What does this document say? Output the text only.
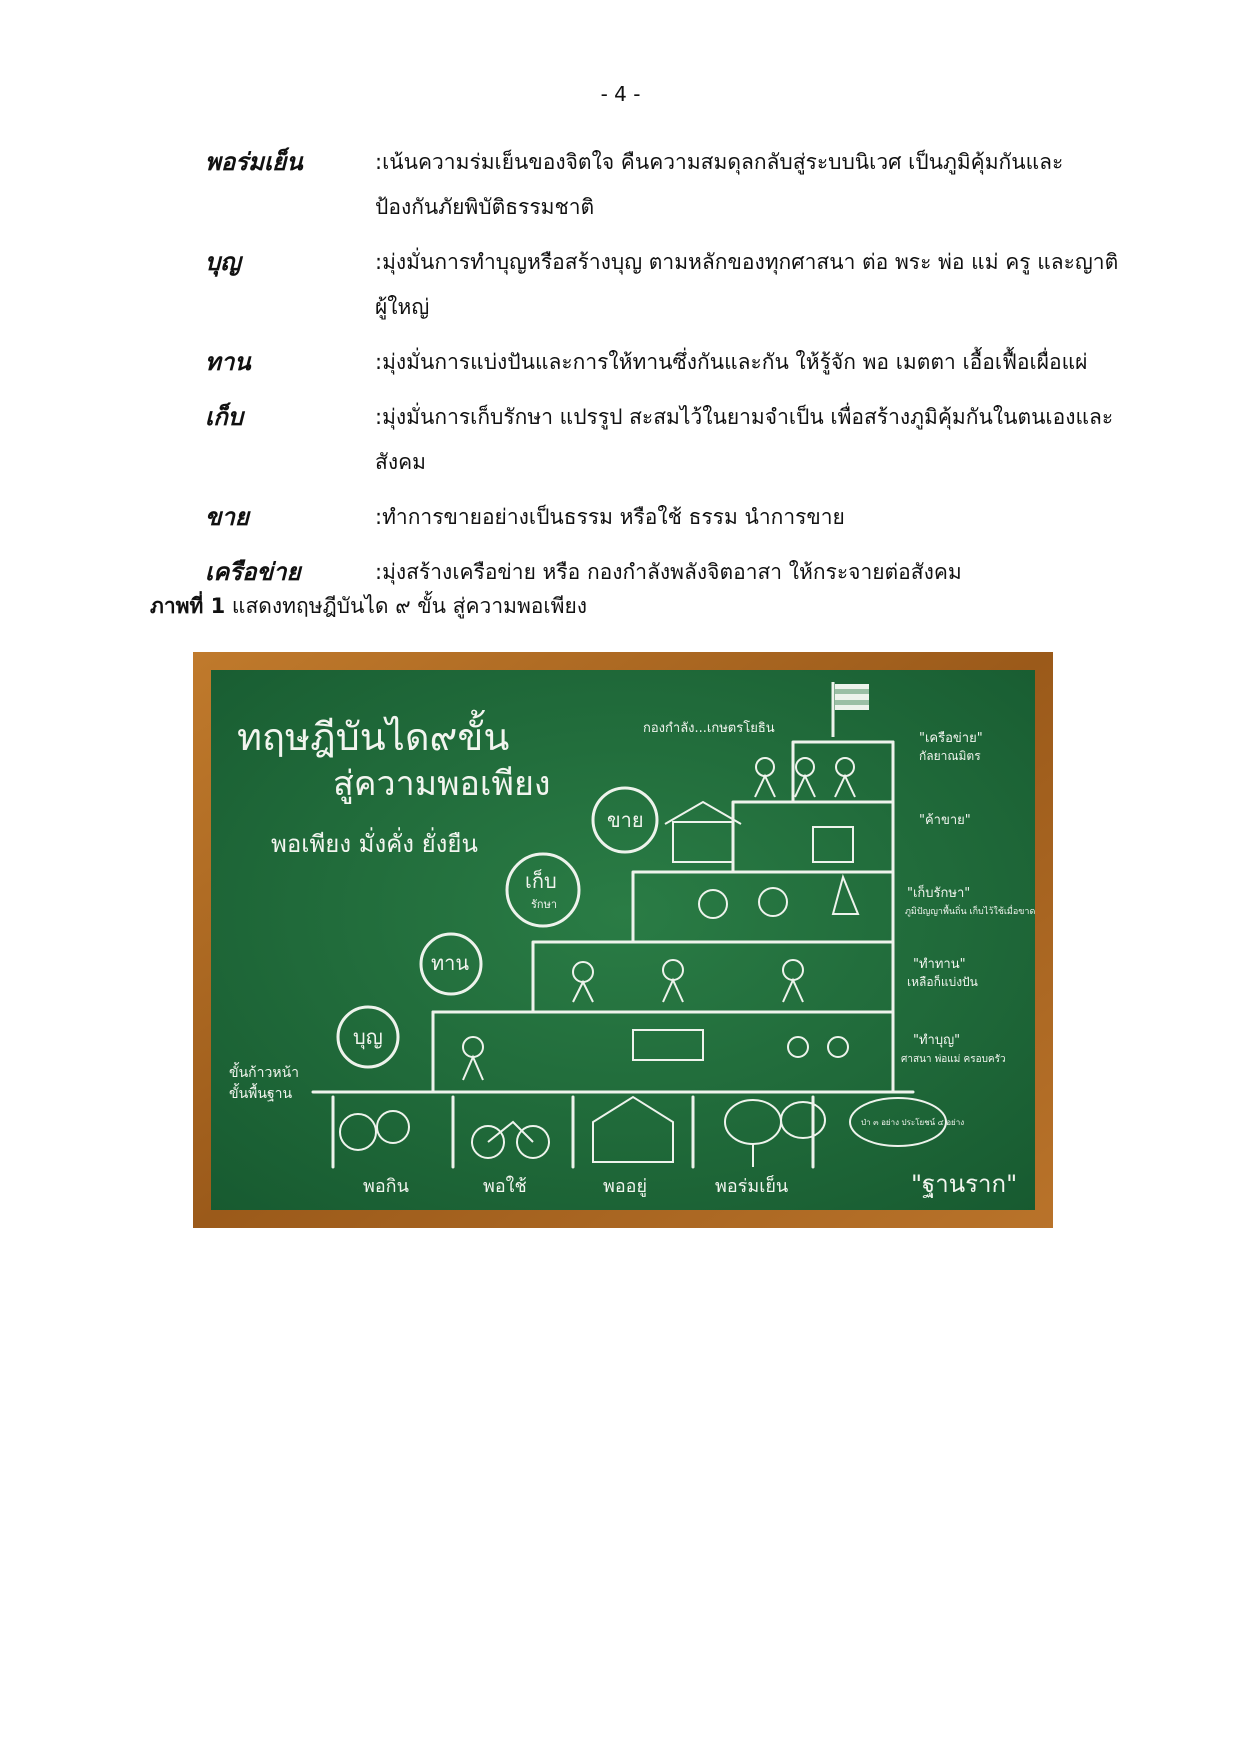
- 4 -
พอร่มเย็น	:เน้นความร่มเย็นของจิตใจ คืนความสมดุลกลับสู่ระบบนิเวศ เป็นภูมิคุ้มกันและป้องกันภัยพิบัติธรรมชาติ
บุญ	:มุ่งมั่นการทำบุญหรือสร้างบุญ ตามหลักของทุกศาสนา ต่อ พระ พ่อ แม่ ครู และญาติผู้ใหญ่
ทาน	:มุ่งมั่นการแบ่งปันและการให้ทานซึ่งกันและกัน ให้รู้จัก พอ เมตตา เอื้อเฟื้อเผื่อแผ่
เก็บ	:มุ่งมั่นการเก็บรักษา แปรรูป สะสมไว้ในยามจำเป็น เพื่อสร้างภูมิคุ้มกันในตนเองและสังคม
ขาย	:ทำการขายอย่างเป็นธรรม หรือใช้ ธรรม นำการขาย
เครือข่าย	:มุ่งสร้างเครือข่าย หรือ กองกำลังพลังจิตอาสา ให้กระจายต่อสังคม
ภาพที่ 1 แสดงทฤษฎีบันได ๙ ขั้น สู่ความพอเพียง
ทฤษฎีบันได๙ขั้น
สู่ความพอเพียง
พอเพียง มั่งคั่ง ยั่งยืน
กองกำลัง...เกษตรโยธิน
บุญ
ทาน
เก็บ
รักษา
ขาย
"เครือข่าย"
กัลยาณมิตร
"ค้าขาย"
"เก็บรักษา"
ภูมิปัญญาพื้นถิ่น เก็บไว้ใช้เมื่อขาด
"ทำทาน"
เหลือก็แบ่งปัน
"ทำบุญ"
ศาสนา พ่อแม่ ครอบครัว
ขั้นก้าวหน้า
ขั้นพื้นฐาน
พอกิน	พอใช้	พออยู่	พอร่มเย็น	"ฐานราก"
ป่า ๓ อย่าง ประโยชน์ ๔ อย่าง
